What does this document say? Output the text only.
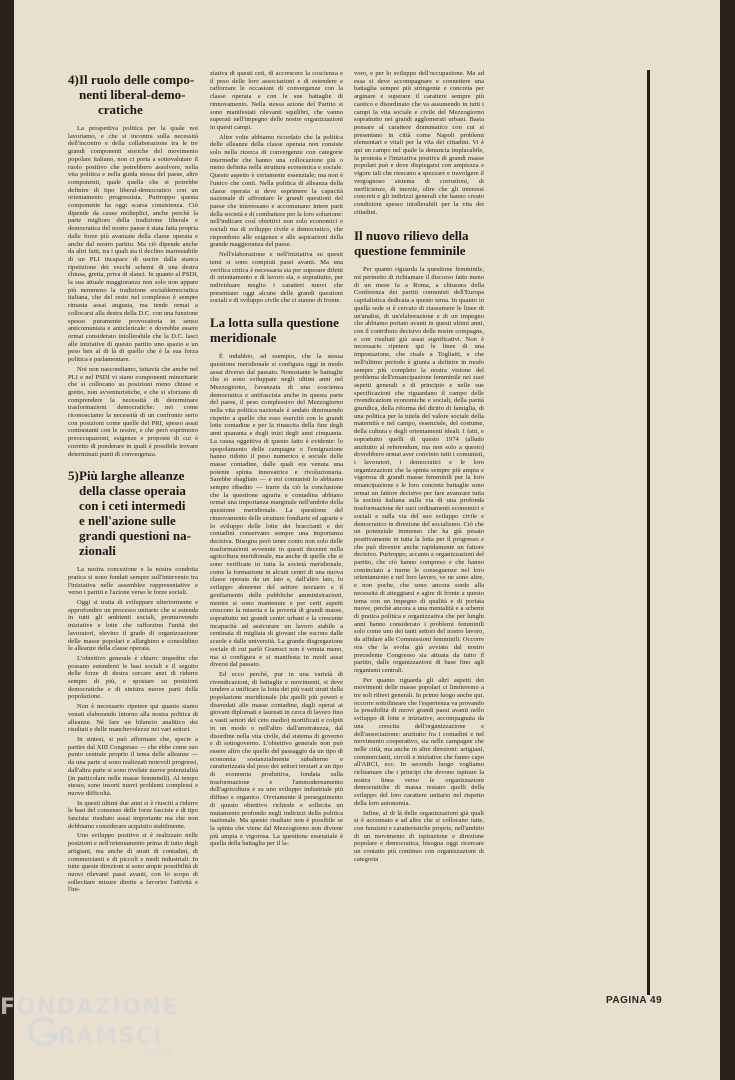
4)Il ruolo delle compo-
nenti liberal-demo-
cratiche

La prospettiva politica per la quale noi lavoriamo, e che si incontra sulla necessità dell'incontro e della collaborazione tra le tre grandi componenti storiche del movimento popolare italiano, non ci porta a sottovalutare il ruolo positivo che potrebbero assolvere, nella vita politica e nella guida stessa del paese, altre componenti, quale quella che si potrebbe definire di tipo liberal-democratico con un orientamento progressista. Purtroppo questa componente ha oggi scarsa consistenza. Ciò dipende da cause molteplici, anche perchè la parte migliore della tradizione liberale e democratica del nostro paese è stata fatta propria dalle forze più avanzate della classe operaia e anche dal nostro partito. Ma ciò dipende anche da altri fatti, tra i quali sta il declino inarrestabile di un PLI incapace di uscire dalla stanca ripetizione dei vecchi schemi di una destra chiusa, gretta, priva di slanci. In quanto al PSDI, la sua attuale maggioranza non solo non appare più nemmeno la tradizione socialdemocratica italiana, che del resto nel complesso è sempre rimasta assai angusta, ma tende ormai a collocarsi alla destra della D.C. con una funzione spesso puramente provocatoria in senso anticomunista e anticlericale: e dovrebbe essere ormai considerato intollerabile che la D.C. lasci alle iniziative di questo partito uno spazio e un peso ben al di là di quello che è la sua forza politica e parlamentare.

Noi non nascondiamo, tuttavia che anche nel PLI e nel PSDI vi siano componenti minoritarie che si collocano su posizioni meno chiuse e gretto, non avventuristiche, e che si sforzano di comprendere la necessità di determinare trasformazioni democratiche: nei come riconosciamo la necessità di un confronto serio con posizioni come quelle del PRI, spesso assai contrastanti con le nostre, e che però esprimono preoccupazioni, esigenze e proposte di cui è corretto di ponderare in quali è possibile trovare determinati punti di convergenza.

5)Più larghe alleanze
della classe operaia
con i ceti intermedi
e nell'azione sulle
grandi questioni na-
zionali

La nostra concezione e la nostra condotta pratica si sono fondati sempre sull'intervento tra l'iniziativa nelle assemblee rappresentative e verso i partiti e l'azione verso le forze sociali.

Oggi si tratta di sviluppare ulteriormente e approfondire un processo unitario che si estenda in tutti gli ambienti sociali, promuovendo iniziative e lotte che rafforzino l'unità dei lavoratori, elevino il grado di organizzazione delle masse popolari e allarghino e consolidino le alleanze della classe operaia.

L'obiettivo generale è chiaro: impedire che possano estendersi le basi sociali e il seguito delle forze di destra cercare anzi di ridurre sempre di più, e spostare su posizioni democratiche e di sinistra nuove parti della popolazione.

Non è necessario ripetere qui quanto siamo venuti elaborando intorno alla nostra politica di alleanze. Né fare un bilancio analitico dei risultati e delle manchevolezze nei vari settori.

In sintesi, si può affermare che, specie a partire dal XIII Congresso — che ebbe come suo punto centrale proprio il tema delle alleanze — da una parte si sono realizzati notevoli progressi, dall'altra parte si sono rivelate nuove potenzialità (in particolare nelle masse femminili). Al tempo stesso, sono insorti nuovi problemi complessi e nuove difficoltà.

In questi ultimi due anni si è riusciti a ridurre le basi del consenso delle forze fasciste e di tipo fascista: risultato assai importante ma che non dobbiamo considerare acquisito stabilmente.

Uno sviluppo positivo si è realizzato nelle posizioni e nell'orientamento prima di tutto degli artigiani, ma anche di strati di contadini, di commercianti e di piccoli e medi industriali. In tutte queste direzioni si sono ampie possibilità di nuovi rilevanti passi avanti, con lo scopo di sollecitare misure dirette a favorire l'attività e l'ini-

ziativa di questi ceti, di accrescere la coscienza e il peso delle loro associazioni e di estendere e rafforzare le occasioni di convergenze con la classe operaia e con le sue battaglie di rinnovamento. Nella stessa azione del Partito si sono manifestati rilevanti squilibri, che vanno superati nell'impegno delle nostre organizzazioni in questi campi.

Altre volte abbiamo ricordato che la politica delle alleanze della classe operaia non consiste solo nella ricerca di convergenze con categorie intermedie che hanno una collocazione più o meno definita nella struttura economica e sociale. Questo aspetto è certamente essenziale; ma non è l'unico che conti. Nella politica di alleanza della classe operaia si deve esprimere la capacità nazionale di affrontare le grandi questioni del paese che interessano e accomunano intere parti della società e di combattere per la loro soluzione: nell'indicare così obiettivi non solo economici e sociali ma di sviluppo civile e democratico, che rispondono alle esigenze e alle aspirazioni della grande maggioranza del paese.

Nell'elaborazione e nell'iniziativa su questi temi si sono compiuti passi avanti. Ma una verifica critica è necessaria sia per superare difetti di orientamento e di lavoro sia, e soprattutto, per individuare meglio i caratteri nuovi che presentano oggi alcune delle grandi questioni sociali e di sviluppo civile che ci stanno di fronte.

La lotta sulla questione meridionale

È indubbio, ad esempio, che la stessa questione meridionale si configura oggi in modo assai diverso dal passato. Nonostante le battaglie che si sono sviluppate negli ultimi anni nel Mezzogiorno, l'avanzata di una coscienza democratica e antifascista anche in questa parte del paese, il peso complessivo del Mezzogiorno nella vita politica nazionale è andato diminuendo rispetto a quello che esso esercitò con le grandi lotte contadine e per la rinascita della fine degli anni quaranta e degli inizi degli anni cinquanta. La causa oggettiva di questo fatto è evidente: lo spopolamento delle campagne e l'emigrazione hanno ridotto il peso numerico e sociale delle masse contadine, dalle quali era venuta una potente spinta innovatrice e rivoluzionaria. Sarebbe sbagliato — e noi comunisti lo abbiamo sempre ribadito — trarre da ciò la conclusione che la questione agraria e contadina abbiano ormai una importanza marginale nell'ambito della questione meridionale. La questione del rinnovamento delle strutture fondiarie ed agrarie e lo sviluppo delle lotte dei braccianti e dei contadini conservano sempre una importanza decisiva. Bisogna però tener conto non solo delle trasformazioni avvenute in questi decenni nella agricoltura meridionale, ma anche di quelle che si sono verificate in tutta la società meridionale, come la formazione in alcuni centri di una nuova classe operaia da un lato e, dall'altro lato, lo sviluppo abnorme del settore terziario e il gonfiamento delle pubbliche amministrazioni, mentre si sono mantenute e per certi aspetti crescono la miseria e la povertà di grandi masse, soprattutto nei grandi centri urbani e la crescente incapacità ad assicurare un lavoro stabile a centinaia di migliaia di giovani che escono dalle scuole e dalle università. La grande disgregazione sociale di cui parlò Gramsci non è venuta meno, ma si configura e si manifesta in modi assai diversi dal passato.

Ed ecco perchè, pur in una varietà di rivendicazioni, di battaglie e movimenti, si deve tendere a unificare la lotta dei più vasti strati della popolazione meridionale (da quelli più poveri e diseredati alle masse contadine, dagli operai ai giovani diplomati e laureati in cerca di lavoro fino a vasti settori del ceto medio) mortificati e colpiti in un modo o nell'altro dall'arretratezza, dal disordine nella vita civile, dal sistema di governo e di sottogoverno. L'obiettivo generale non può essere altro che quello del passaggio da un tipo di economia sostanzialmente subalterno e caratterizzata dal peso dei settori terziari a un tipo di economia produttiva, fondata sulla trasformazione e l'ammodernamento dell'agricoltura e su uno sviluppo industriale più diffuso e organico. Ovviamente il perseguimento di questo obiettivo richiede e sollecita un mutamento profondo negli indirizzi della politica nazionale. Ma questo risultato non è possibile se la spinta che viene dal Mezzogiorno non diviene più ampia e vigorosa. La questione essenziale è quella della battaglia per il la-

voro, e per lo sviluppo dell'occupazione. Ma ad essa si deve accompagnare e connettere una battaglia sempre più stringente e concreta per arginare e superare il carattere sempre più caotico e disordinato che va assumendo in tutti i campi la vita sociale e civile del Mezzogiorno soprattutto nei grandi agglomerati urbani. Basta pensare al carattere drammatico con cui si presentano in città come Napoli problemi elementari e vitali per la vita dei cittadini. Vi è qui un campo nel quale la denuncia implacabile, la protesta e l'iniziativa positiva di grandi masse popolari può e deve dispiegarsi con ampiezza e vigore tali che riescano a spezzare e travolgere il vergognoso sistema di corruzioni, di inefficienze, di inerzie, oltre che gli interessi concreti e gli indirizzi generali che hanno creato condizioni spesso intollerabili per la vita dei cittadini.

Il nuovo rilievo della questione femminile

Per quanto riguarda la questione femminile, mi permetto di richiamare il discorso fatto meno di un mese fa a Roma, a chiusura della Conferenza dei partiti comunisti dell'Europa capitalistica dedicata a questo tema. In quanto in quella sede si è cercato di riassumere le linee di un'analisi, di un'elaborazione e di un impegno che abbiamo portato avanti in questi ultimi anni, con il contributo decisivo delle nostre compagne, e con risultati già assai significativi. Non è necessario ripetere qui le linee di una impostazione, che risale a Togliatti, e che nell'ultimo periodo è giunta a definire in modo sempre più completo la nostra visione del problema dell'emancipazione femminile nei suoi aspetti generali e di principio e nelle sue specificazioni che riguardano il campo delle rivendicazioni economiche e sociali, della parità giuridica, della riforma del diritto di famiglia, di una politica per la tutela del valore sociale della maternità e nel campo, essenziale, del costume, della cultura e degli orientamenti ideali. I fatti, e soprattutto quelli di questo 1974 (alludo anzitutto al referendum, ma non solo a questo) dovrebbero ormai aver convinto tutti i comunisti, i lavoratori, i democratici e le loro organizzazioni che la spinta sempre più ampia e vigorosa di grandi masse femminili per la loro emancipazione e le loro concrete battaglie sono ormai un fattore decisivo per fare avanzare tutta la società italiana sulla via di una profonda trasformazione dei suoi ordinamenti economici e sociali e sulla via del suo sviluppo civile e democratico in direzione del socialismo. Ciò che un potenziale immenso che ha già pesato positivamente in tutta la lotta per il progresso e che può divenire anche rapidamente un fattore decisivo. Purtroppo, accanto a organizzazioni del partito, che ciò hanno compreso e che hanno cominciato a trarne le conseguenze nel loro orientamento e nel loro lavoro, ve ne sono altre, e non poche, che sono ancora sorde alla necessità di atteggiarsi e agire di fronte a questo tema con un impegno di qualità e di portata nuove, perchè ancora a una mentalità e a schemi di pratica politica e organizzativa che per lunghi anni hanno considerato i problemi femminili solo come uno dei tanti settori del nostro lavoro, da affidare alle Commissioni femminili. Occorre ora che la svolta già avviata dal nostro precedente Congresso sia attuata da tutto il partito, dalle organizzazioni di base fino agli organismi centrali.

Per quanto riguarda gli altri aspetti dei movimenti delle masse popolari ci limiteremo a tre soli rilievi generali. In primo luogo anche qui, occorre sottolineare che l'esperienza va provando la possibilità di nuovi grandi passi avanti nello sviluppo di lotte e iniziative, accompagnata da una crescita dell'organizzazione e dell'associazione: anzitutto fra i contadini e nel movimento cooperativo, sia nelle campagne che nelle città, ma anche in altre direzioni: artigiani, commercianti, circoli e iniziative che fanno capo all'ARCI, ecc. In secondo luogo vogliamo richiamare che i principi che devono ispirare la nostra linea verso le organizzazioni democratiche di massa restano quelli della sviluppo del loro carattere unitario nel rispetto della loro autonomia.

Infine, al di là delle organizzazioni già quali si è accennato e ad altre che si collocano tutte, con funzioni e caratteristiche proprie, nell'ambito di un movimento di ispirazione e direzione popolare e democratica, bisogna oggi ricercare un contatto più continuo con organizzazioni di categoria

PAGINA 49
FONDAZIONE
RAMSCI
onlus
